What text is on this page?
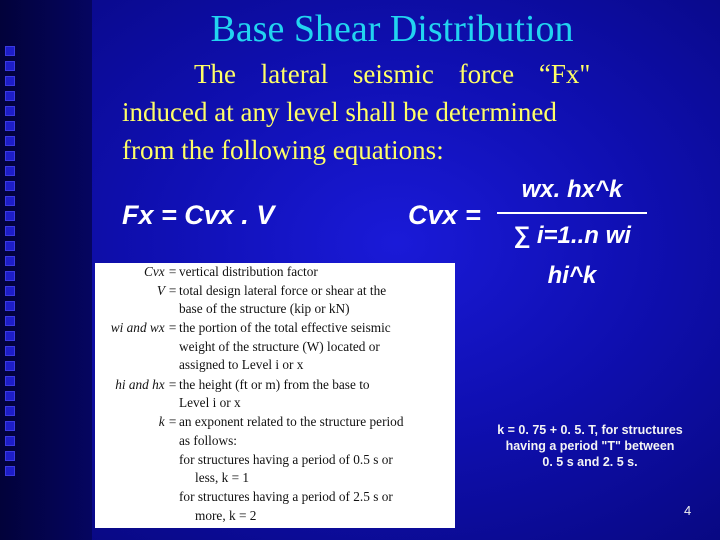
Base Shear Distribution
The lateral seismic force “Fx"
induced at any level shall be determined
from the following equations:
Fx = Cvx . V	Cvx =
wx. hx^k
∑ i=1..n wi hi^k
Cvx = vertical distribution factor
V = total design lateral force or shear at the
base of the structure (kip or kN)
wi and wx = the portion of the total effective seismic
weight of the structure (W) located or
assigned to Level i or x
hi and hx = the height (ft or m) from the base to
Level i or x
k = an exponent related to the structure period
as follows:
for structures having a period of 0.5 s or
less, k = 1
for structures having a period of 2.5 s or
more, k = 2
k = 0. 75 + 0. 5. T, for structures
having a period "T" between
0. 5 s and 2. 5 s.
4
